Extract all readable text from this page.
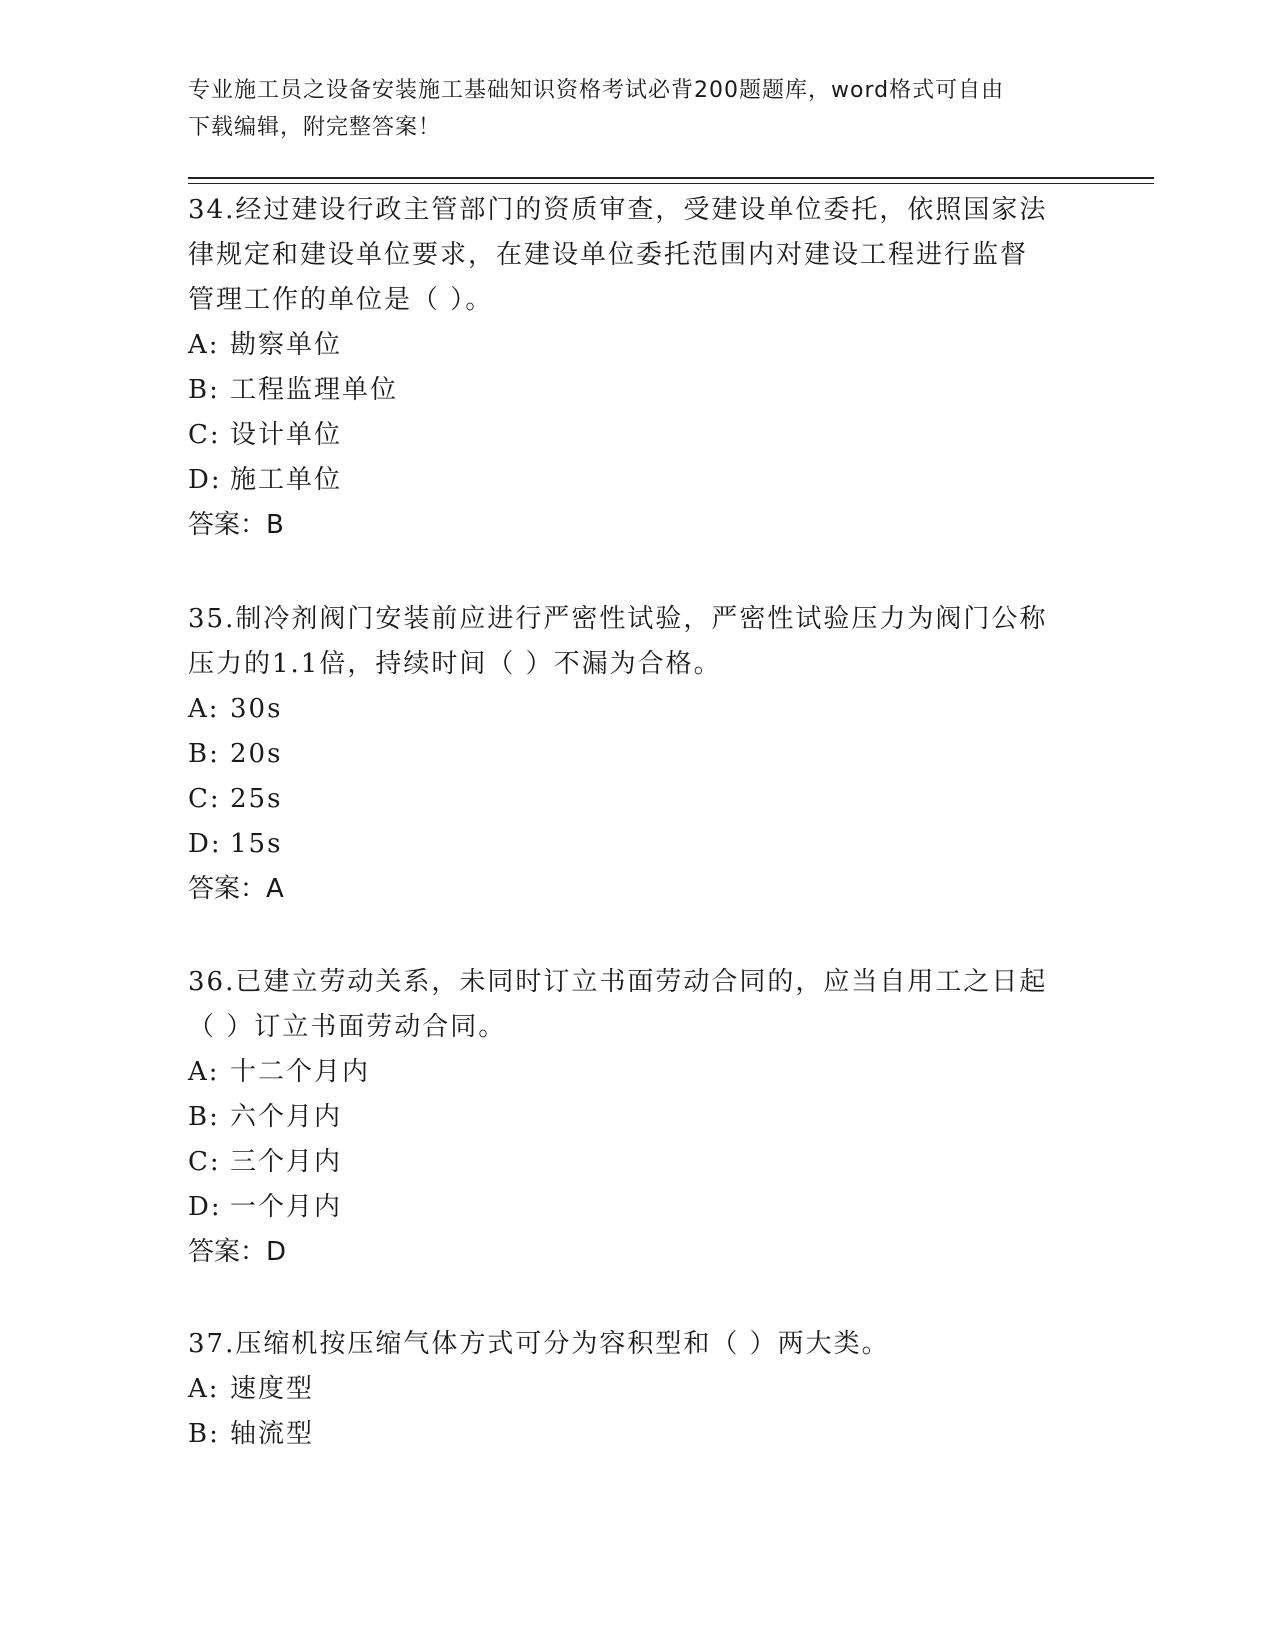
专业施工员之设备安装施工基础知识资格考试必背200题题库，word格式可自由
下载编辑，附完整答案！

34.经过建设行政主管部门的资质审查，受建设单位委托，依照国家法

律规定和建设单位要求，在建设单位委托范围内对建设工程进行监督

管理工作的单位是（ ）。

A: 勘察单位

B: 工程监理单位

C: 设计单位

D: 施工单位

答案：B

35.制冷剂阀门安装前应进行严密性试验，严密性试验压力为阀门公称

压力的1.1倍，持续时间（ ）不漏为合格。

A: 30s

B: 20s

C: 25s

D: 15s

答案：A

36.已建立劳动关系，未同时订立书面劳动合同的，应当自用工之日起

（ ）订立书面劳动合同。

A: 十二个月内

B: 六个月内

C: 三个月内

D: 一个月内

答案：D

37.压缩机按压缩气体方式可分为容积型和（ ）两大类。

A: 速度型

B: 轴流型
